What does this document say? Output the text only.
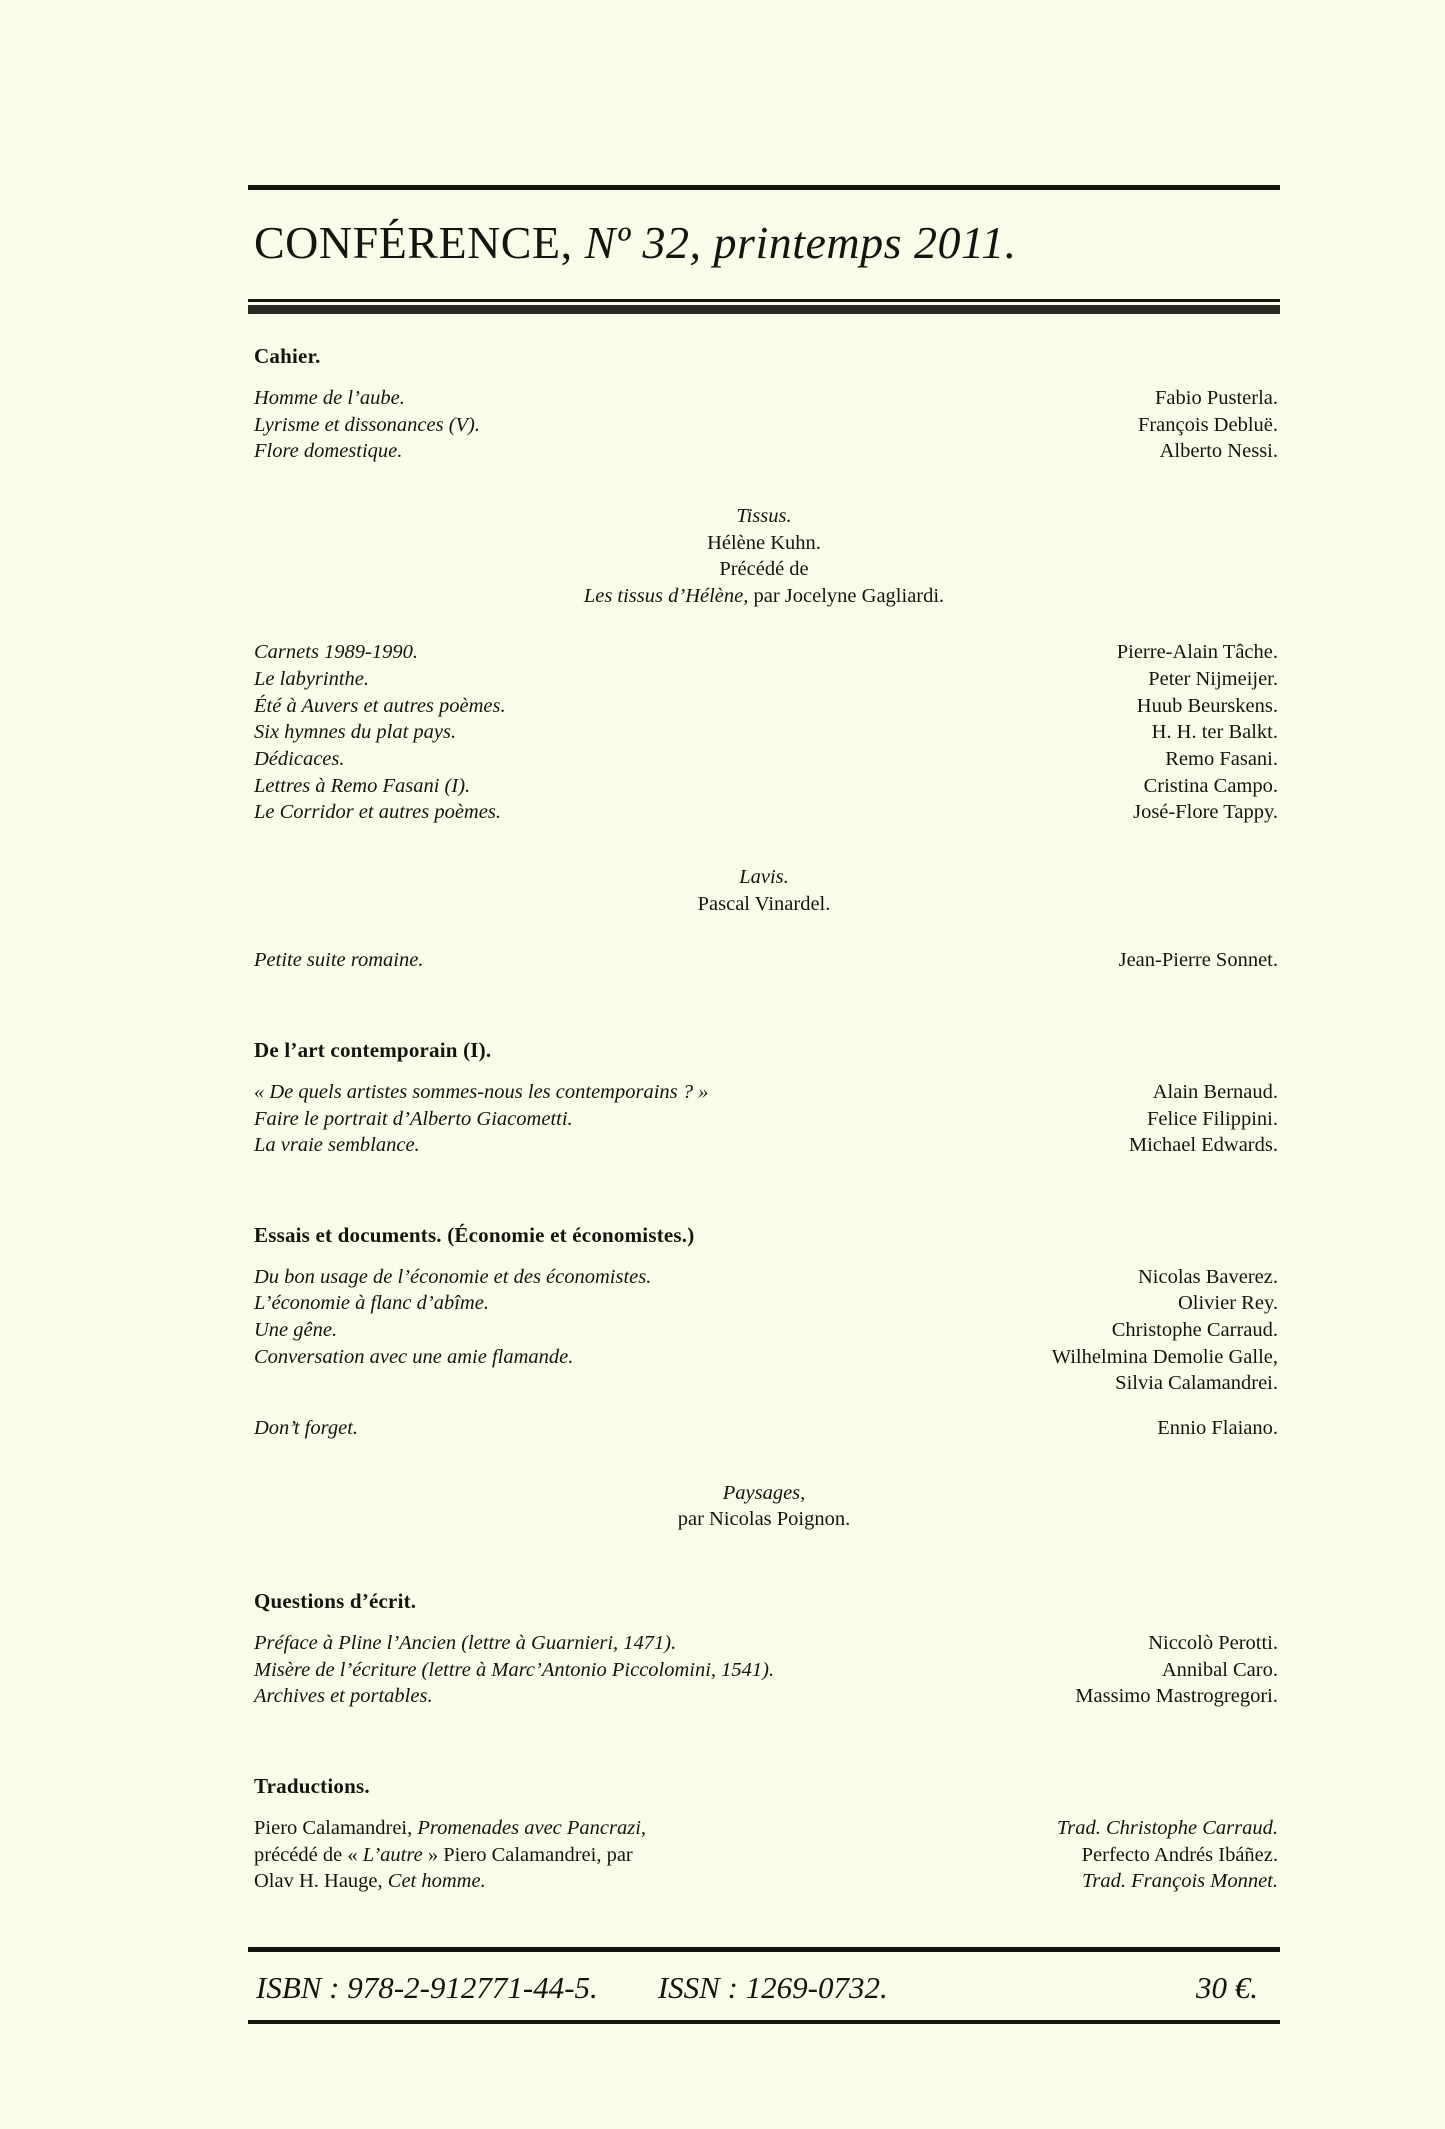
CONFÉRENCE, Nº 32, printemps 2011.
Cahier.
Homme de l’aube.	Fabio Pusterla.
Lyrisme et dissonances (V).	François Debluë.
Flore domestique.	Alberto Nessi.
Tissus.
Hélène Kuhn.
Précédé de
Les tissus d’Hélène, par Jocelyne Gagliardi.
Carnets 1989-1990.	Pierre-Alain Tâche.
Le labyrinthe.	Peter Nijmeijer.
Été à Auvers et autres poèmes.	Huub Beurskens.
Six hymnes du plat pays.	H. H. ter Balkt.
Dédicaces.	Remo Fasani.
Lettres à Remo Fasani (I).	Cristina Campo.
Le Corridor et autres poèmes.	José-Flore Tappy.
Lavis.
Pascal Vinardel.
Petite suite romaine.	Jean-Pierre Sonnet.
De l’art contemporain (I).
« De quels artistes sommes-nous les contemporains ? »	Alain Bernaud.
Faire le portrait d’Alberto Giacometti.	Felice Filippini.
La vraie semblance.	Michael Edwards.
Essais et documents. (Économie et économistes.)
Du bon usage de l’économie et des économistes.	Nicolas Baverez.
L’économie à flanc d’abîme.	Olivier Rey.
Une gêne.	Christophe Carraud.
Conversation avec une amie flamande.	Wilhelmina Demolie Galle,
Silvia Calamandrei.
Don’t forget.	Ennio Flaiano.
Paysages,
par Nicolas Poignon.
Questions d’écrit.
Préface à Pline l’Ancien (lettre à Guarnieri, 1471).	Niccolò Perotti.
Misère de l’écriture (lettre à Marc’Antonio Piccolomini, 1541).	Annibal Caro.
Archives et portables.	Massimo Mastrogregori.
Traductions.
Piero Calamandrei, Promenades avec Pancrazi,	Trad. Christophe Carraud.
précédé de « L’autre » Piero Calamandrei, par	Perfecto Andrés Ibáñez.
Olav H. Hauge, Cet homme.	Trad. François Monnet.
ISBN : 978-2-912771-44-5. ISSN : 1269-0732.	30 €.
